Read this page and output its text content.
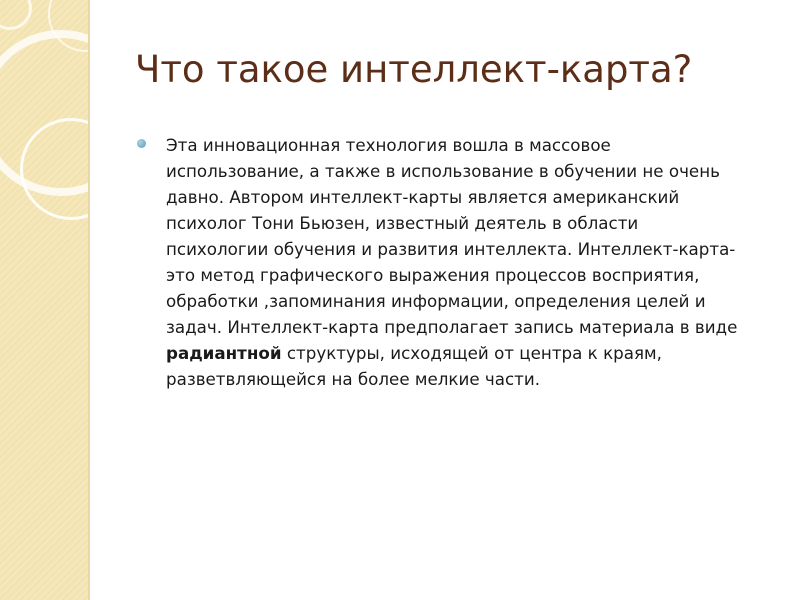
Что такое интеллект-карта?

Эта инновационная технология вошла в массовое
использование, а также в использование в обучении не очень
давно. Автором интеллект-карты является американский
психолог Тони Бьюзен, известный деятель в области
психологии обучения и развития интеллекта. Интеллект-карта-
это метод графического выражения процессов восприятия,
обработки ,запоминания информации, определения целей и
задач. Интеллект-карта предполагает запись материала в виде
радиантной структуры, исходящей от центра к краям,
разветвляющейся на более мелкие части.
